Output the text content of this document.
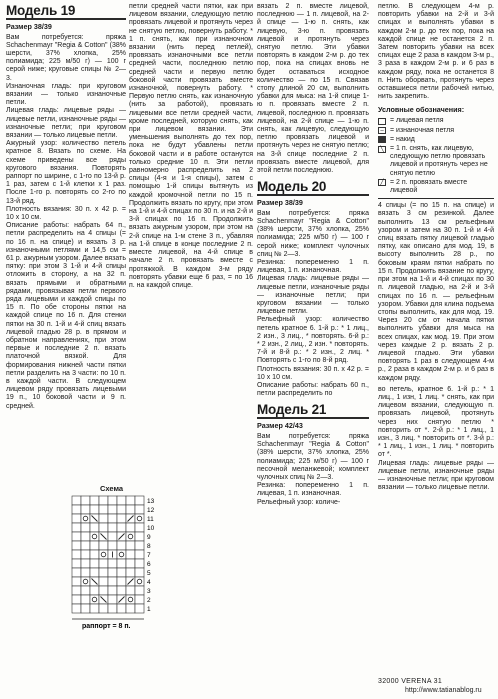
Модель 19
Размер 38/39

Вам потребуется: пряжа Schachenmayr "Regia & Cotton" (38% шерсти, 37% хлопка, 25% полиамида; 225 м/50 г) — 100 г серой ниже; круговые спицы № 2—3.

Изнаночная гладь: при круговом вязании — только изнаночные петли.

Лицевая гладь: лицевые ряды — лицевые петли, изнаночные ряды — изнаночные петли; при круговом вязании — только лицевые петли.

Ажурный узор: количество петель кратное 8. Вязать по схеме. На схеме приведены все ряды кругового вязания. Повторять раппорт по ширине, с 1-го по 13-й р. 1 раз, затем с 1-й клетки х 1 раз. После 1-го р. повторять со 2-го по 13-й ряд.

Плотность вязания: 30 п. х 42 р. = 10 х 10 см.

Описание работы: набрать 64 п., петли распределить на 4 спицы (= по 16 п. на спице) и вязать 3 р. изнаночными петлями и 14,5 см = 61 р. ажурным узором. Далее вязать пятку: при этом 3 1-й и 4-й спицы отложить в сторону, а на 32 п. вязать прямыми и обратными рядами, провязывая петли первого ряда лицевыми и каждой спицы по 15 п. По обе стороны пятки на каждой спице по 16 п. Для стенки пятки на 30 п. 1-й и 4-й спиц вязать лицевой гладью 28 р. в прямом и обратном направлениях, при этом первые и последние 2 п. вязать платочной вязкой. Для формирования нижней части пятки петли разделить на 3 части: по 10 п. в каждой части. В следующем лицевом ряду провязать лицевыми 19 п., 10 боковой части и 9 п. средней.

петли средней части пятки, как при лицевом вязании, следующую петлю провязать лицевой и протянуть через не снятую петлю, повернуть работу. * 1 п. снять, как при изнаночном вязании (нить перед петлей), провязать изнаночными все петли средней части, последнюю петлю средней части и первую петлю боковой части провязать вместе изнаночной, повернуть работу. * Первую петлю снять, как изнаночную (нить за работой), провязать лицевыми все петли средней части, кроме последней, которую снять, как при лицевом вязании. Эти уменьшения выполнять до тех пор, пока не будут убавлены петли боковой части и в работе останутся только средние 10 п. Эти петли равномерно распределить на 2 спицы (4-я и 1-я спицы), затем с помощью 1-й спицы вытянуть из каждой кромочной петли по 15 п. Продолжить вязать по кругу, при этом на 1-й и 4-й спицах по 30 п. и на 2-й и 3-й спицах по 16 п. Продолжить вязать ажурным узором, при этом на 2-й спице на 1-м стене 3 п., убавляя на 1-й спице в конце последние 2 п. вместе лицевой, на 4-й спице в начале 2 п. провязать вместе с протяжкой. В каждом 3-м ряду повторять убавки еще 6 раз, = по 16 п. на каждой спице.

вязать 2 п. вместе лицевой, последнюю — 1 п. лицевой, на 2-й спице — 1-ю п. снять, как лицевую, 3-ю п. провязать лицевой и протянуть через снятую петлю. Эти убавки повторять в каждом 2-м р. до тех пор, пока на спицах вновь не будет оставаться исходное количество — по 15 п. Связав стопу длиной 20 см, выполнить убавки для мыса: на 1-й спице 1-ю п. провязать вместе 2 п. лицевой, последнюю п. провязать лицевой, на 2-й спице — 1-ю п. снять, как лицевую, следующую петлю провязать лицевой и протянуть через не снятую петлю; на 3-й спице последние 2 п. провязать вместе лицевой, для этой петли последнюю.

Модель 20
Размер 38/39

Вам потребуется: пряжа Schachenmayr "Regia & Cotton" (38% шерсти, 37% хлопка, 25% полиамида; 225 м/50 г) — 100 г серой ниже; комплект чулочных спиц № 2—3.

Резинка: попеременно 1 п. лицевая, 1 п. изнаночная.

Лицевая гладь: лицевые ряды — лицевые петли, изнаночные ряды — изнаночные петли; при круговом вязании — только лицевые петли.

Рельефный узор: количество петель кратное 6. 1-й р.: * 1 лиц., 2 изн., 3 лиц., * повторять. 6-й р.: * 2 изн., 2 лиц., 2 изн. * повторять. 7-й и 8-й р.: * 2 изн., 2 лиц. * Повторять с 1-го по 8-й ряд.

Плотность вязания: 30 п. х 42 р. = 10 х 10 см.

Описание работы: набрать 60 п., петли распределить по

Модель 21
Размер 42/43

Вам потребуется: пряжа Schachenmayr "Regia & Cotton" (38% шерсти, 37% хлопка, 25% полиамида; 225 м/50 г) — 100 г песочной меланжевой; комплект чулочных спиц № 2—3.

Резинка: попеременно 1 п. лицевая, 1 п. изнаночная.

Рельефный узор: количе-

петлю. В следующем 4-м р. повторить убавки на 2-й и 3-й спицах и выполнять убавки в каждом 2-м р. до тех пор, пока на каждой спице не останется 2 п. Затем повторить убавки на всех спицах еще 2 раза в каждом 3-м р., 3 раза в каждом 2-м р. и 6 раз в каждом ряду, пока не останется 8 п. Нить оборвать, протянуть через оставшиеся петли рабочей нитью, нить закрепить.

Условные обозначения:
= лицевая петля
– = изнаночная петля
= накид
╲ = 1 п. снять, как лицевую, следующую петлю провязать лицевой и протянуть через не снятую петлю
╱ = 2 п. провязать вместе лицевой

4 спицы (= по 15 п. на спице) и вязать 3 см резинкой. Далее выполнить 13 см рельефным узором и затем на 30 п. 1-й и 4-й спиц вязать пятку лицевой гладью пятку, как описано для мод. 19, в высоту выполнить 28 р., по боковым краям пятки набрать по 15 п. Продолжить вязание по кругу, при этом на 1-й и 4-й спицах по 30 п. лицевой гладью, на 2-й и 3-й спицах по 16 п. — рельефным узором. Убавки для клина подъема стопы выполнить, как для мод. 19. Через 20 см от начала пятки выполнить убавки для мыса на всех спицах, как мод. 19. При этом через каждые 2 р. вязать 2 р. лицевой гладью. Эти убавки повторять 1 раз в следующем 4-м р., 2 раза в каждом 2-м р. и 6 раз в каждом ряду.

во петель, кратное 6. 1-й р.: * 1 лиц., 1 изн, 1 лиц. * снять, как при лицевом вязании, следующую п. провязать лицевой, протянуть через них снятую петлю * повторить от *. 2-й р.: * 1 лиц., 1 изн., 3 лиц. * повторить от *. 3-й р.: * 1 лиц., 1 изн., 1 лиц. * повторить от *.

Лицевая гладь: лицевые ряды — лицевые петли, изнаночные ряды — изнаночные петли; при круговом вязании — только лицевые петли.

Схема
13
12
11
10
9
8
7
6
5
4
3
2
1
раппорт = 8 п.
32000 VERENA 31
http://www.tatianablog.ru
